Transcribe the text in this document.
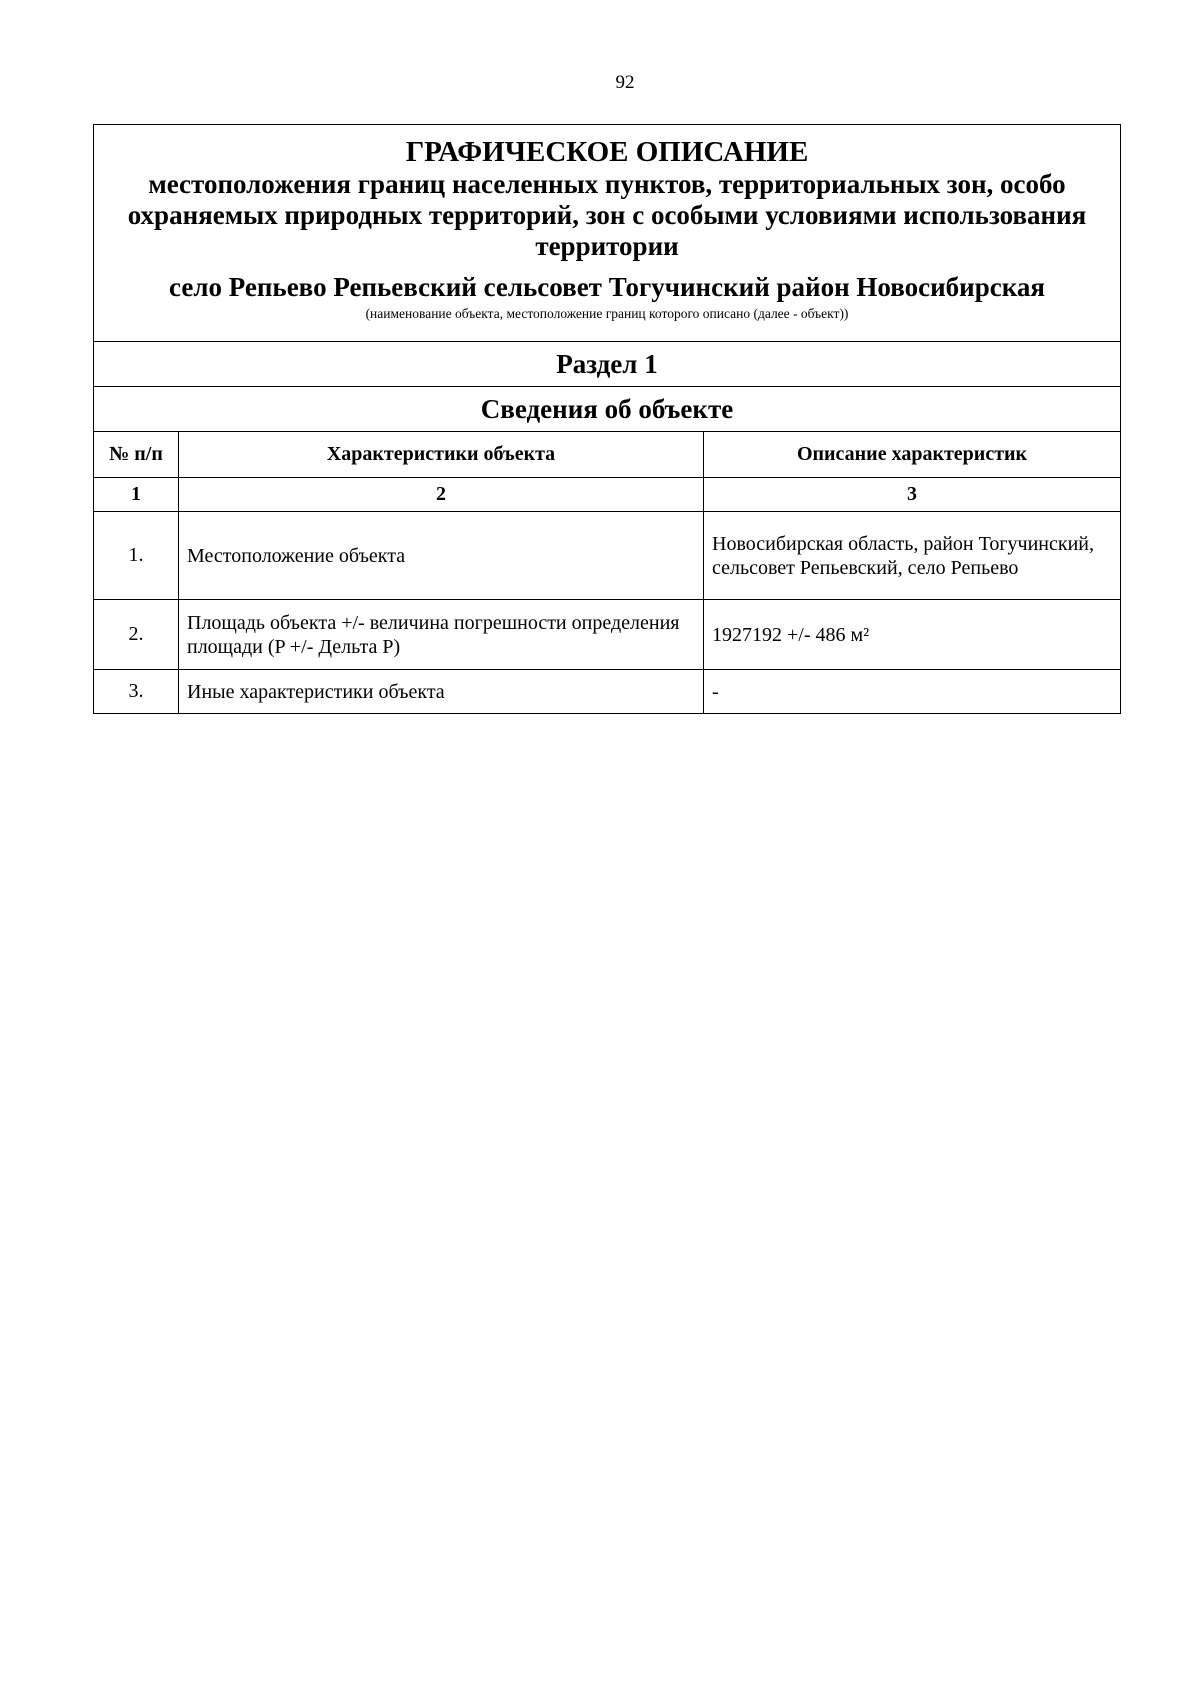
92
ГРАФИЧЕСКОЕ ОПИСАНИЕ
местоположения границ населенных пунктов, территориальных зон, особо охраняемых природных территорий, зон с особыми условиями использования территории
село Репьево Репьевский сельсовет Тогучинский район Новосибирская
(наименование объекта, местоположение границ которого описано (далее - объект))		

Раздел 1		
Сведения об объекте		
№ п/п	Характеристики объекта	Описание характеристик
1	2	3
1.	Местоположение объекта	Новосибирская область, район Тогучинский, сельсовет Репьевский, село Репьево
2.	Площадь объекта +/- величина погрешности определения площади (P +/- Дельта P)	1927192 +/- 486 м²
3.	Иные характеристики объекта	-
